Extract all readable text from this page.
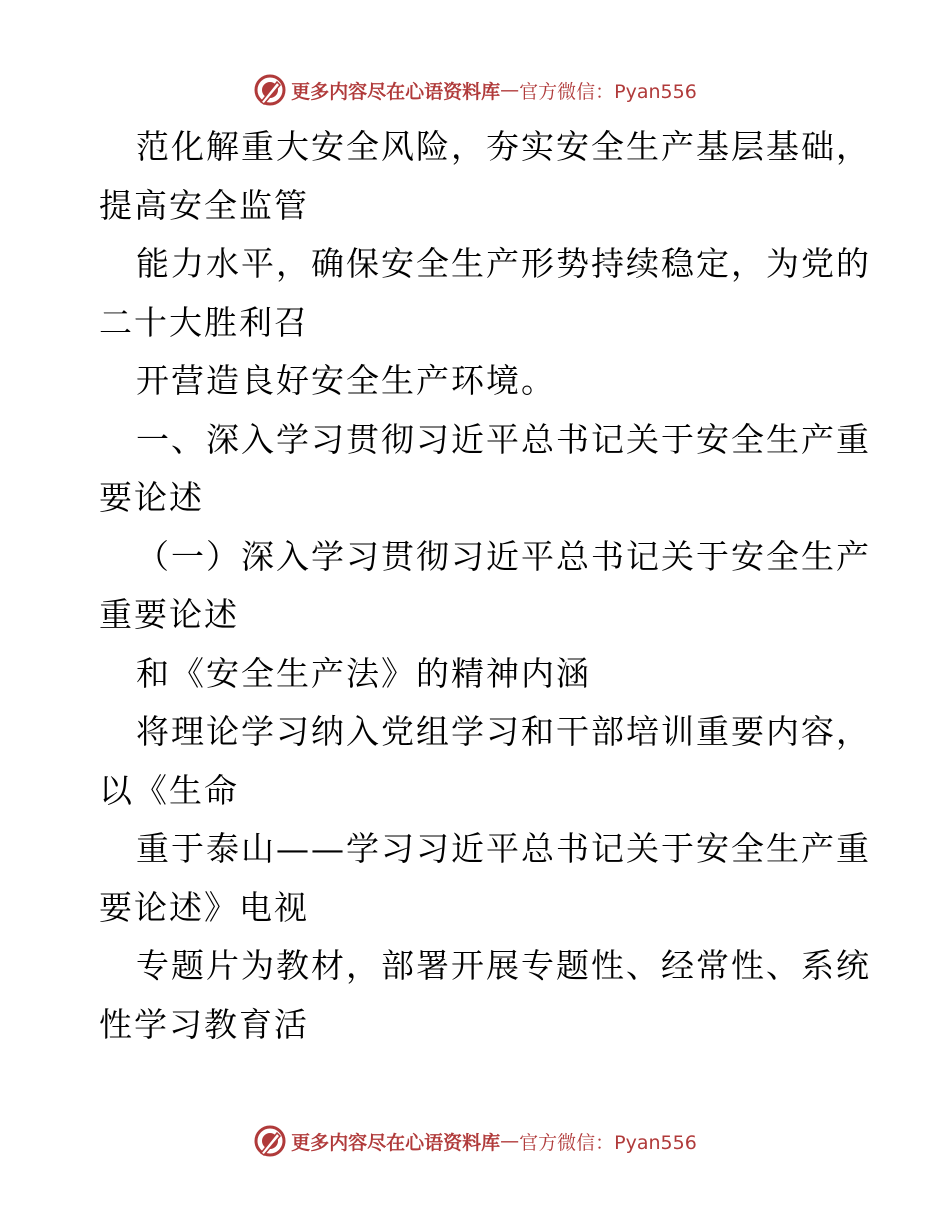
更多内容尽在心语资料库 — 官方微信：Pyan556
范化解重大安全风险，夯实安全生产基层基础，
提高安全监管
能力水平，确保安全生产形势持续稳定，为党的
二十大胜利召
开营造良好安全生产环境。
一、深入学习贯彻习近平总书记关于安全生产重
要论述
（一）深入学习贯彻习近平总书记关于安全生产
重要论述
和《安全生产法》的精神内涵
将理论学习纳入党组学习和干部培训重要内容，
以《生命
重于泰山——学习习近平总书记关于安全生产重
要论述》电视
专题片为教材，部署开展专题性、经常性、系统
性学习教育活
更多内容尽在心语资料库 — 官方微信：Pyan556
